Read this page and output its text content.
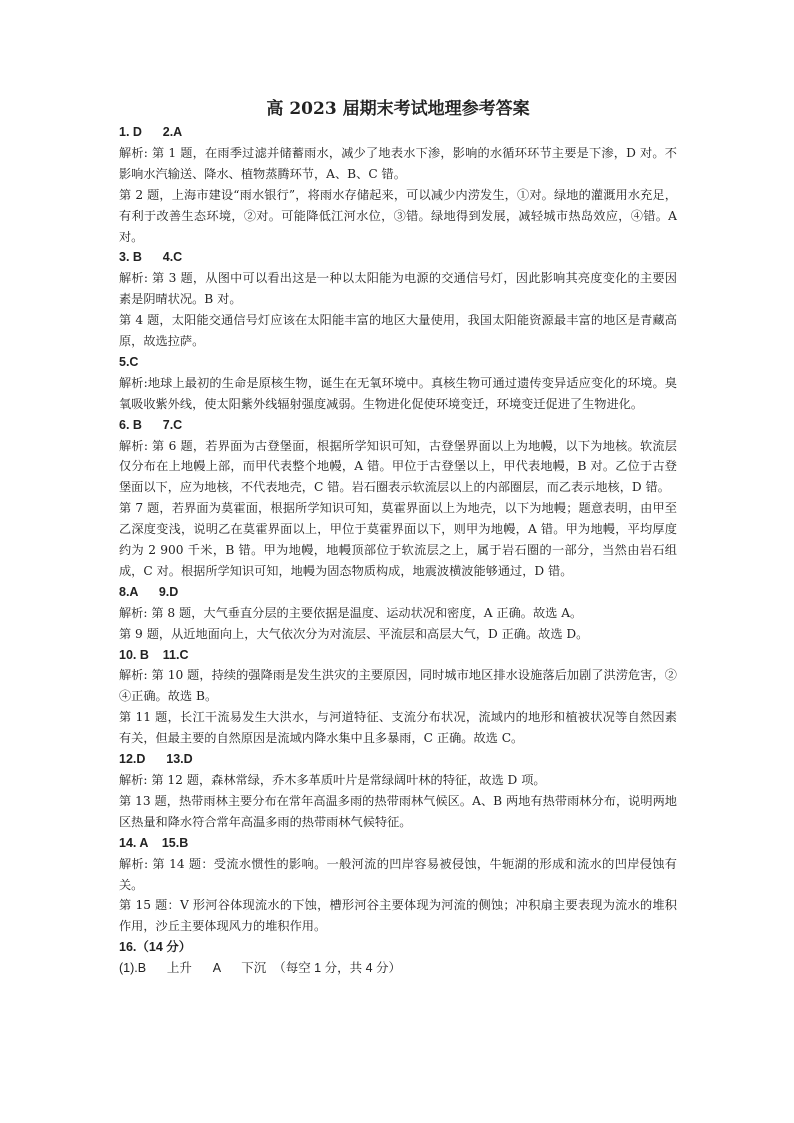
高 2023 届期末考试地理参考答案
1. D      2.A
解析: 第 1 题，在雨季过滤并储蓄雨水，减少了地表水下渗，影响的水循环环节主要是下渗，D 对。不影响水汽输送、降水、植物蒸腾环节，A、B、C 错。
第 2 题，上海市建设“雨水银行”，将雨水存储起来，可以减少内涝发生，①对。绿地的灌溉用水充足，有利于改善生态环境，②对。可能降低江河水位，③错。绿地得到发展，减轻城市热岛效应，④错。A 对。
3. B      4.C
解析: 第 3 题，从图中可以看出这是一种以太阳能为电源的交通信号灯，因此影响其亮度变化的主要因素是阴晴状况。B 对。
第 4 题，太阳能交通信号灯应该在太阳能丰富的地区大量使用，我国太阳能资源最丰富的地区是青藏高原，故选拉萨。
5.C
解析:地球上最初的生命是原核生物，诞生在无氧环境中。真核生物可通过遗传变异适应变化的环境。臭氧吸收紫外线，使太阳紫外线辐射强度减弱。生物进化促使环境变迁，环境变迁促进了生物进化。
6. B      7.C
解析: 第 6 题，若界面为古登堡面，根据所学知识可知，古登堡界面以上为地幔，以下为地核。软流层仅分布在上地幔上部，而甲代表整个地幔，A 错。甲位于古登堡以上，甲代表地幔，B 对。乙位于古登堡面以下，应为地核，不代表地壳，C 错。岩石圈表示软流层以上的内部圈层，而乙表示地核，D 错。
第 7 题，若界面为莫霍面，根据所学知识可知，莫霍界面以上为地壳，以下为地幔；题意表明，由甲至乙深度变浅，说明乙在莫霍界面以上，甲位于莫霍界面以下，则甲为地幔，A 错。甲为地幔，平均厚度约为 2 900 千米，B 错。甲为地幔，地幔顶部位于软流层之上，属于岩石圈的一部分，当然由岩石组成，C 对。根据所学知识可知，地幔为固态物质构成，地震波横波能够通过，D 错。
8.A      9.D
解析: 第 8 题，大气垂直分层的主要依据是温度、运动状况和密度，A 正确。故选 A。
第 9 题，从近地面向上，大气依次分为对流层、平流层和高层大气，D 正确。故选 D。
10. B    11.C
解析: 第 10 题，持续的强降雨是发生洪灾的主要原因，同时城市地区排水设施落后加剧了洪涝危害，②④正确。故选 B。
第 11 题，长江干流易发生大洪水，与河道特征、支流分布状况，流域内的地形和植被状况等自然因素有关，但最主要的自然原因是流域内降水集中且多暴雨，C 正确。故选 C。
12.D      13.D
解析: 第 12 题，森林常绿，乔木多革质叶片是常绿阔叶林的特征，故选 D 项。
第 13 题，热带雨林主要分布在常年高温多雨的热带雨林气候区。A、B 两地有热带雨林分布，说明两地区热量和降水符合常年高温多雨的热带雨林气候特征。
14. A    15.B
解析: 第 14 题：受流水惯性的影响。一般河流的凹岸容易被侵蚀，牛轭湖的形成和流水的凹岸侵蚀有关。
第 15 题：V 形河谷体现流水的下蚀，槽形河谷主要体现为河流的侧蚀；冲积扇主要表现为流水的堆积作用，沙丘主要体现风力的堆积作用。
16.（14 分）
(1).B      上升      A      下沉  （每空 1 分，共 4 分）
